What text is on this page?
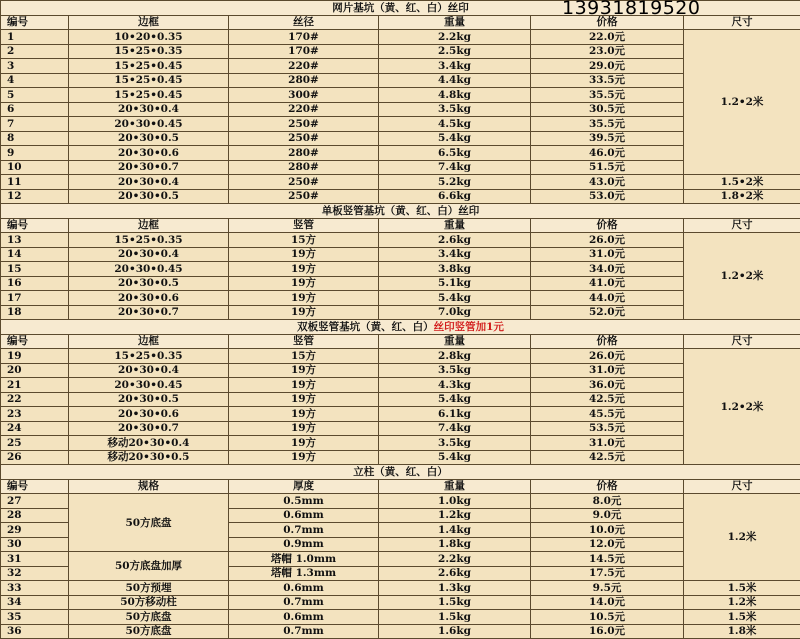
网片基坑（黄、红、白）丝印					
编号	边框	丝径	重量	价格	尺寸
1	10•20•0.35	170#	2.2kg	22.0元	1.2•2米
2	15•25•0.35	170#	2.5kg	23.0元	
3	15•25•0.45	220#	3.4kg	29.0元	
4	15•25•0.45	280#	4.4kg	33.5元	
5	15•25•0.45	300#	4.8kg	35.5元	
6	20•30•0.4	220#	3.5kg	30.5元	
7	20•30•0.45	250#	4.5kg	35.5元	
8	20•30•0.5	250#	5.4kg	39.5元	
9	20•30•0.6	280#	6.5kg	46.0元	
10	20•30•0.7	280#	7.4kg	51.5元	
11	20•30•0.4	250#	5.2kg	43.0元	1.5•2米
12	20•30•0.5	250#	6.6kg	53.0元	1.8•2米
单板竖管基坑（黄、红、白）丝印					
编号	边框	竖管	重量	价格	尺寸
13	15•25•0.35	15方	2.6kg	26.0元	1.2•2米
14	20•30•0.4	19方	3.4kg	31.0元	
15	20•30•0.45	19方	3.8kg	34.0元	
16	20•30•0.5	19方	5.1kg	41.0元	
17	20•30•0.6	19方	5.4kg	44.0元	
18	20•30•0.7	19方	7.0kg	52.0元	
双板竖管基坑（黄、红、白）丝印竖管加1元					
编号	边框	竖管	重量	价格	尺寸
19	15•25•0.35	15方	2.8kg	26.0元	1.2•2米
20	20•30•0.4	19方	3.5kg	31.0元	
21	20•30•0.45	19方	4.3kg	36.0元	
22	20•30•0.5	19方	5.4kg	42.5元	
23	20•30•0.6	19方	6.1kg	45.5元	
24	20•30•0.7	19方	7.4kg	53.5元	
25	移动20•30•0.4	19方	3.5kg	31.0元	
26	移动20•30•0.5	19方	5.4kg	42.5元	
立柱（黄、红、白）					
编号	规格	厚度	重量	价格	尺寸
27	50方底盘	0.5mm	1.0kg	8.0元	1.2米
28		0.6mm	1.2kg	9.0元	
29		0.7mm	1.4kg	10.0元	
30		0.9mm	1.8kg	12.0元	
31	50方底盘加厚	塔帽 1.0mm	2.2kg	14.5元	
32		塔帽 1.3mm	2.6kg	17.5元	
33	50方预埋	0.6mm	1.3kg	9.5元	1.5米
34	50方移动柱	0.7mm	1.5kg	14.0元	1.2米
35	50方底盘	0.6mm	1.5kg	10.5元	1.5米
36	50方底盘	0.7mm	1.6kg	16.0元	1.8米
13931819520
